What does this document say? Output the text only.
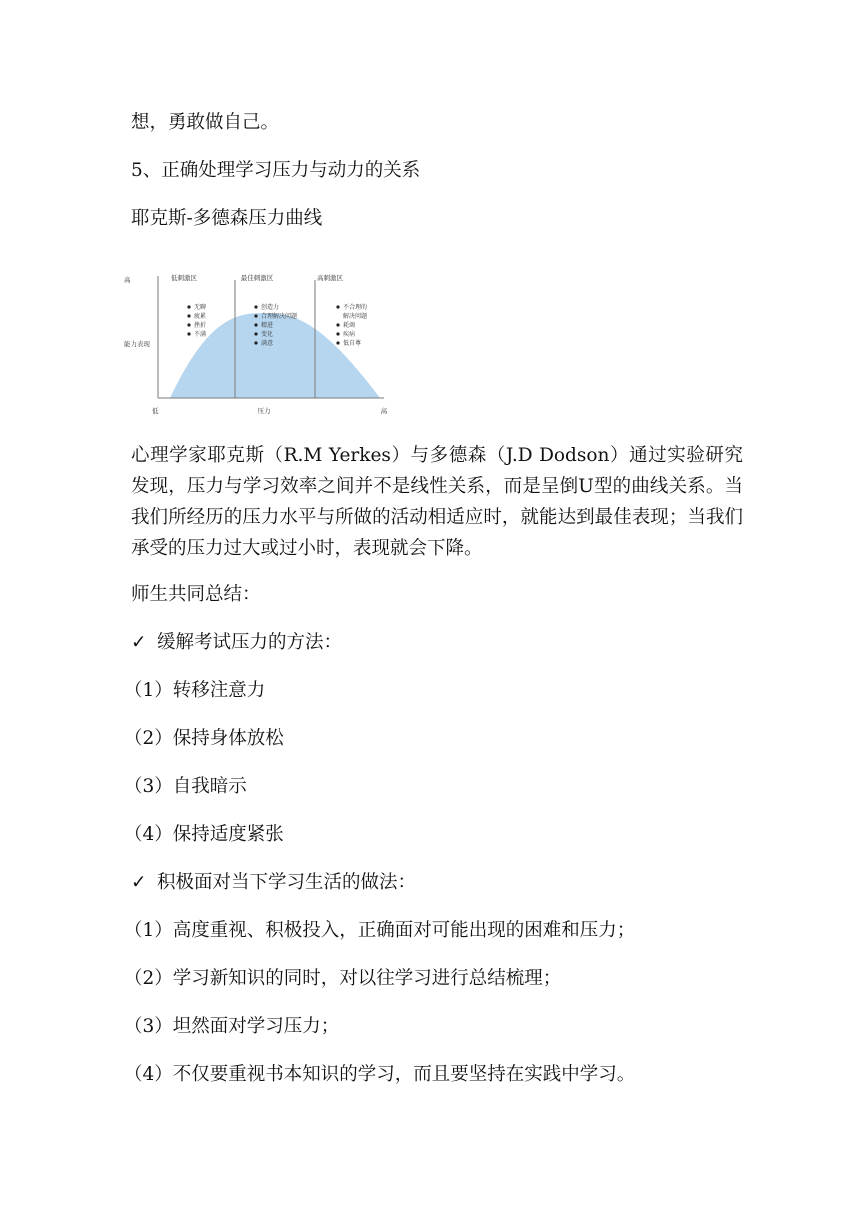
想，勇敢做自己。
5、正确处理学习压力与动力的关系
耶克斯-多德森压力曲线
高
能力表现
低	压力	高
低刺激区	最佳刺激区	高刺激区
无聊
疲累
挫折
不满
创造力
合理解决问题
精进
变化
满意
不合理的
解决问题
耗竭
疾病
低自尊
心理学家耶克斯（R.M Yerkes）与多德森（J.D Dodson）通过实验研究发现，压力与学习效率之间并不是线性关系，而是呈倒U型的曲线关系。当我们所经历的压力水平与所做的活动相适应时，就能达到最佳表现；当我们承受的压力过大或过小时，表现就会下降。
师生共同总结：
✓ 缓解考试压力的方法：
（1）转移注意力
（2）保持身体放松
（3）自我暗示
（4）保持适度紧张
✓ 积极面对当下学习生活的做法：
（1）高度重视、积极投入，正确面对可能出现的困难和压力；
（2）学习新知识的同时，对以往学习进行总结梳理；
（3）坦然面对学习压力；
（4）不仅要重视书本知识的学习，而且要坚持在实践中学习。
